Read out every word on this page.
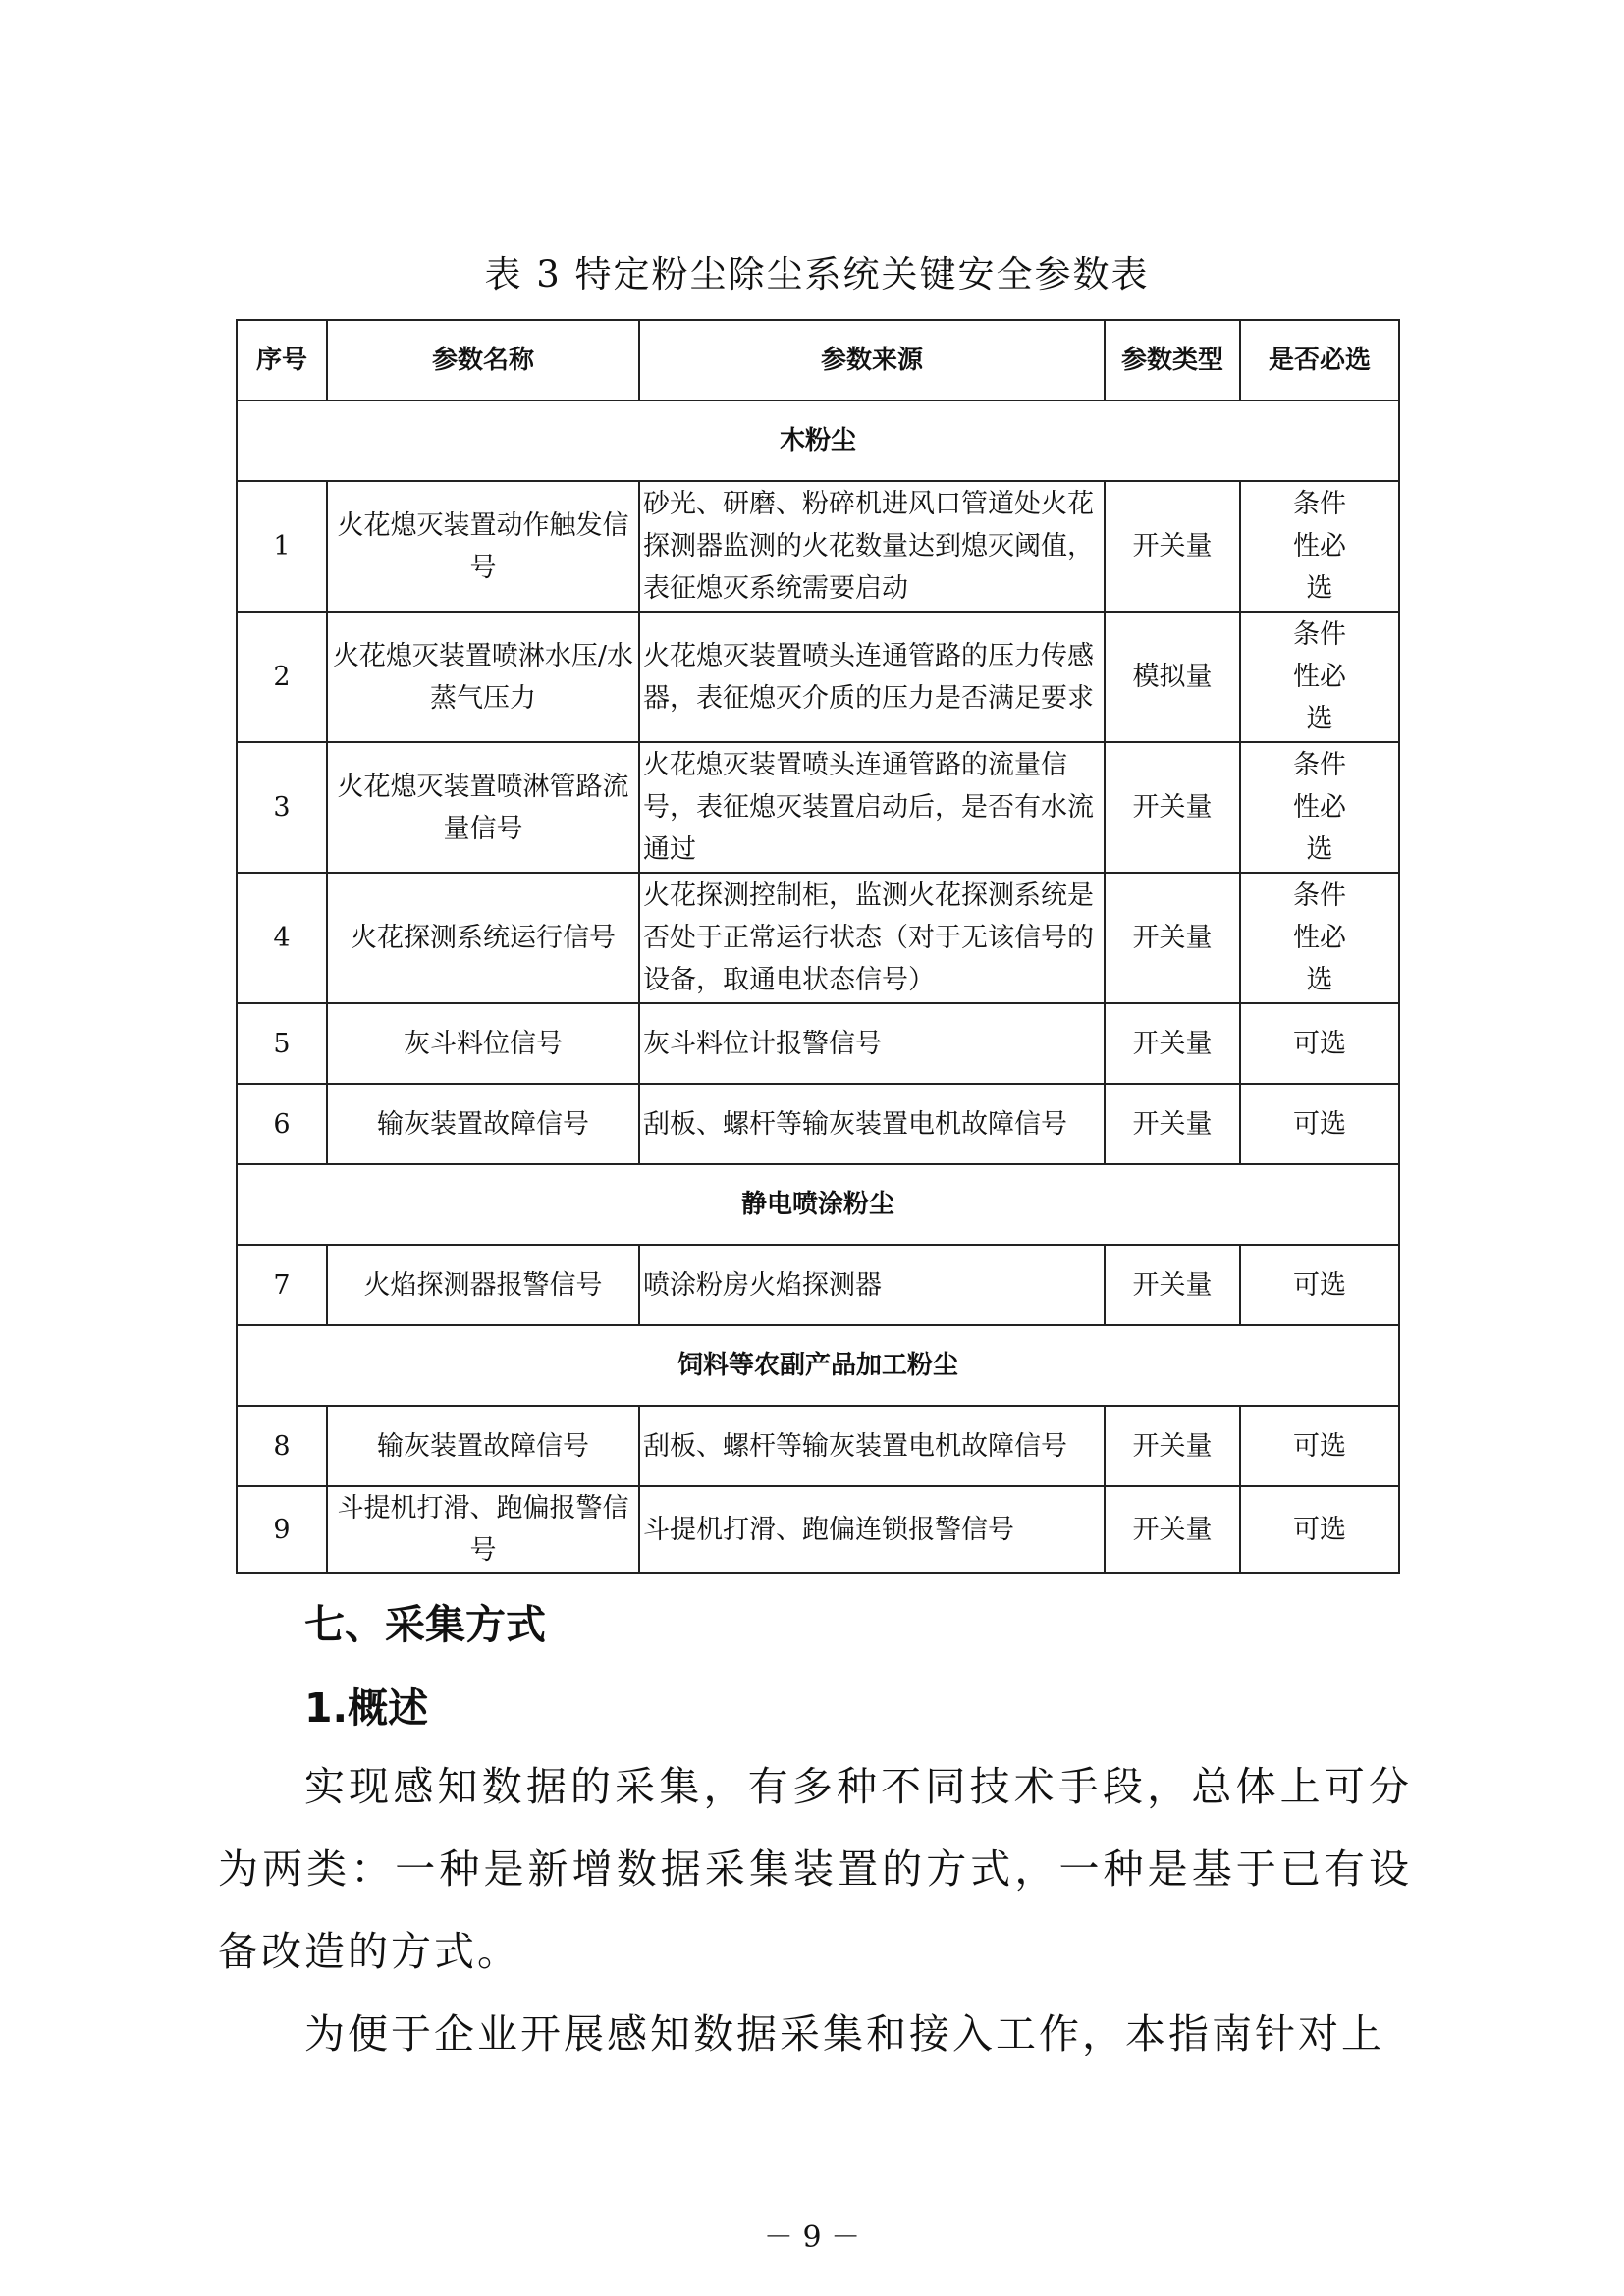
表 3 特定粉尘除尘系统关键安全参数表
序号	参数名称	参数来源	参数类型	是否必选
木粉尘				
1	火花熄灭装置动作触发信号	砂光、研磨、粉碎机进风口管道处火花探测器监测的火花数量达到熄灭阈值，表征熄灭系统需要启动	开关量	条件性必选
2	火花熄灭装置喷淋水压/水蒸气压力	火花熄灭装置喷头连通管路的压力传感器，表征熄灭介质的压力是否满足要求	模拟量	条件性必选
3	火花熄灭装置喷淋管路流量信号	火花熄灭装置喷头连通管路的流量信号，表征熄灭装置启动后，是否有水流通过	开关量	条件性必选
4	火花探测系统运行信号	火花探测控制柜，监测火花探测系统是否处于正常运行状态（对于无该信号的设备，取通电状态信号）	开关量	条件性必选
5	灰斗料位信号	灰斗料位计报警信号	开关量	可选
6	输灰装置故障信号	刮板、螺杆等输灰装置电机故障信号	开关量	可选
静电喷涂粉尘				
7	火焰探测器报警信号	喷涂粉房火焰探测器	开关量	可选
饲料等农副产品加工粉尘				
8	输灰装置故障信号	刮板、螺杆等输灰装置电机故障信号	开关量	可选
9	斗提机打滑、跑偏报警信号	斗提机打滑、跑偏连锁报警信号	开关量	可选
七、采集方式
1.概述

实现感知数据的采集，有多种不同技术手段，总体上可分为两类：一种是新增数据采集装置的方式，一种是基于已有设备改造的方式。

为便于企业开展感知数据采集和接入工作，本指南针对上

－ 9 －
